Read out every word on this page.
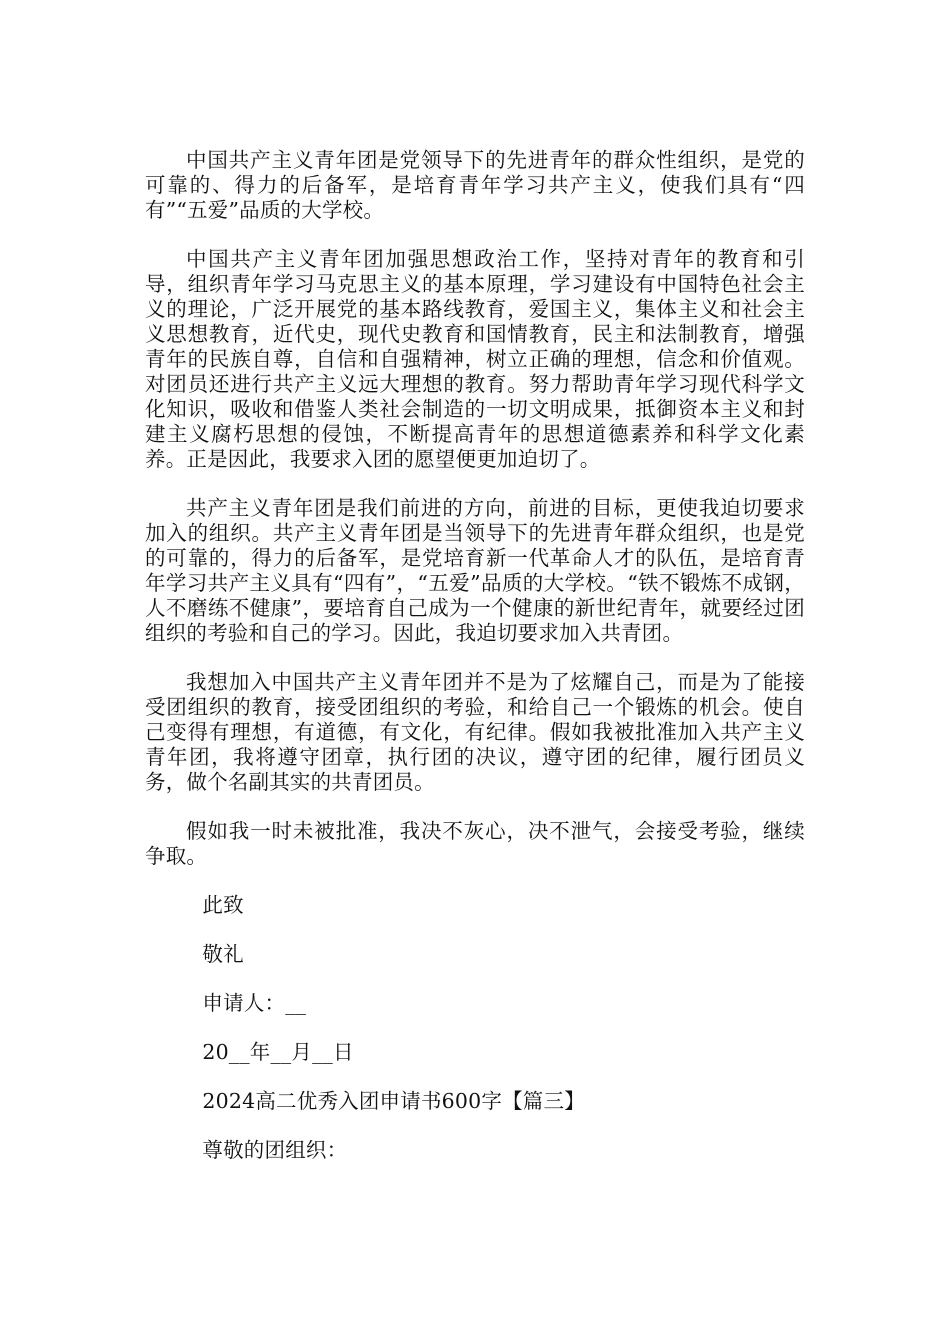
中国共产主义青年团是党领导下的先进青年的群众性组织，是党的可靠的、得力的后备军，是培育青年学习共产主义，使我们具有“四有”“五爱”品质的大学校。

中国共产主义青年团加强思想政治工作，坚持对青年的教育和引导，组织青年学习马克思主义的基本原理，学习建设有中国特色社会主义的理论，广泛开展党的基本路线教育，爱国主义，集体主义和社会主义思想教育，近代史，现代史教育和国情教育，民主和法制教育，增强青年的民族自尊，自信和自强精神，树立正确的理想，信念和价值观。对团员还进行共产主义远大理想的教育。努力帮助青年学习现代科学文化知识，吸收和借鉴人类社会制造的一切文明成果，抵御资本主义和封建主义腐朽思想的侵蚀，不断提高青年的思想道德素养和科学文化素养。正是因此，我要求入团的愿望便更加迫切了。

共产主义青年团是我们前进的方向，前进的目标，更使我迫切要求加入的组织。共产主义青年团是当领导下的先进青年群众组织，也是党的可靠的，得力的后备军，是党培育新一代革命人才的队伍，是培育青年学习共产主义具有“四有”，“五爱”品质的大学校。“铁不锻炼不成钢，人不磨练不健康”，要培育自己成为一个健康的新世纪青年，就要经过团组织的考验和自己的学习。因此，我迫切要求加入共青团。

我想加入中国共产主义青年团并不是为了炫耀自己，而是为了能接受团组织的教育，接受团组织的考验，和给自己一个锻炼的机会。使自己变得有理想，有道德，有文化，有纪律。假如我被批准加入共产主义青年团，我将遵守团章，执行团的决议，遵守团的纪律，履行团员义务，做个名副其实的共青团员。

假如我一时未被批准，我决不灰心，决不泄气，会接受考验，继续争取。

此致
敬礼
申请人：__
20__年__月__日
2024高二优秀入团申请书600字【篇三】
尊敬的团组织：
